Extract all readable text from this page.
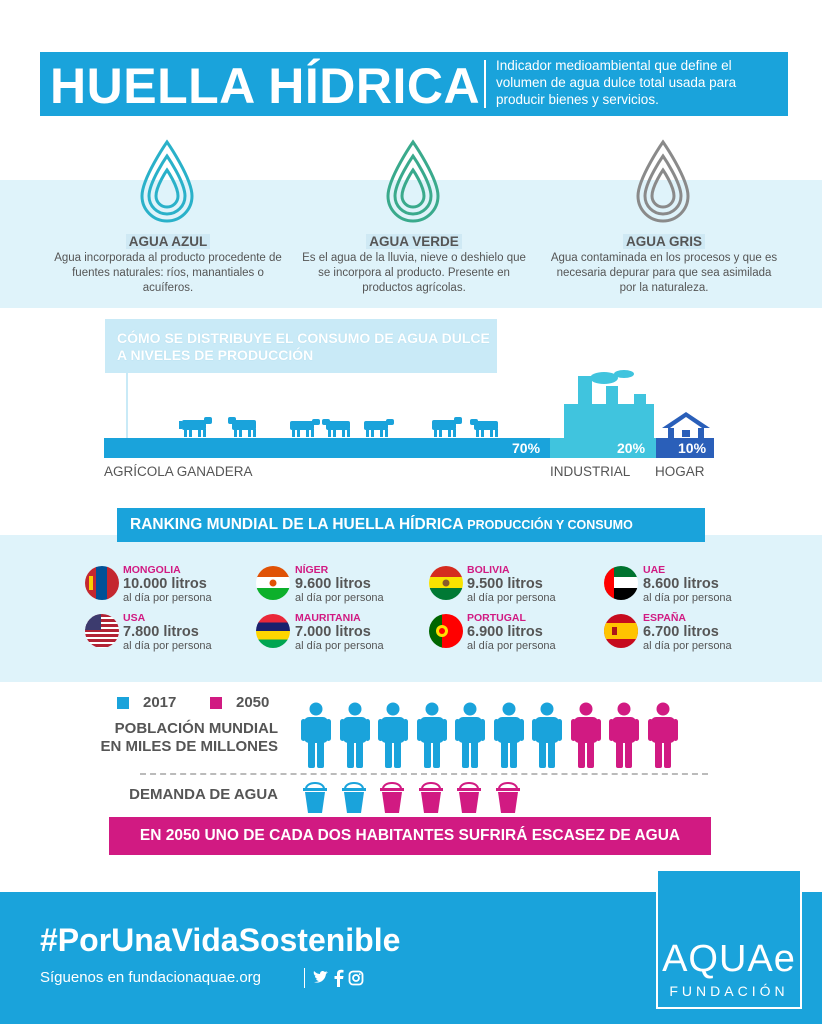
HUELLA HÍDRICA	Indicador medioambiental que define el volumen de agua dulce total usada para producir bienes y servicios.
AGUA AZUL	AGUA VERDE	AGUA GRIS
Agua incorporada al producto procedente de fuentes naturales: ríos, manantiales o acuíferos.
Es el agua de la lluvia, nieve o deshielo que se incorpora al producto. Presente en productos agrícolas.
Agua contaminada en los procesos y que es necesaria depurar para que sea asimilada por la naturaleza.
CÓMO SE DISTRIBUYE EL CONSUMO DE AGUA DULCE A NIVELES DE PRODUCCIÓN
70%	20% 10%
AGRÍCOLA GANADERA	INDUSTRIAL HOGAR
RANKING MUNDIAL DE LA HUELLA HÍDRICA PRODUCCIÓN Y CONSUMO
MONGOLIA
10.000 litros
al día por persona
NÍGER
9.600 litros
al día por persona
BOLIVIA
9.500 litros
al día por persona
UAE
8.600 litros
al día por persona
USA
7.800 litros
al día por persona
MAURITANIA
7.000 litros
al día por persona
PORTUGAL
6.900 litros
al día por persona
ESPAÑA
6.700 litros
al día por persona
2017	2050
POBLACIÓN MUNDIAL EN MILES DE MILLONES
DEMANDA DE AGUA
EN 2050 UNO DE CADA DOS HABITANTES SUFRIRÁ ESCASEZ DE AGUA
#PorUnaVidaSostenible
Síguenos en fundacionaquae.org	AQUAe
FUNDACIÓN
